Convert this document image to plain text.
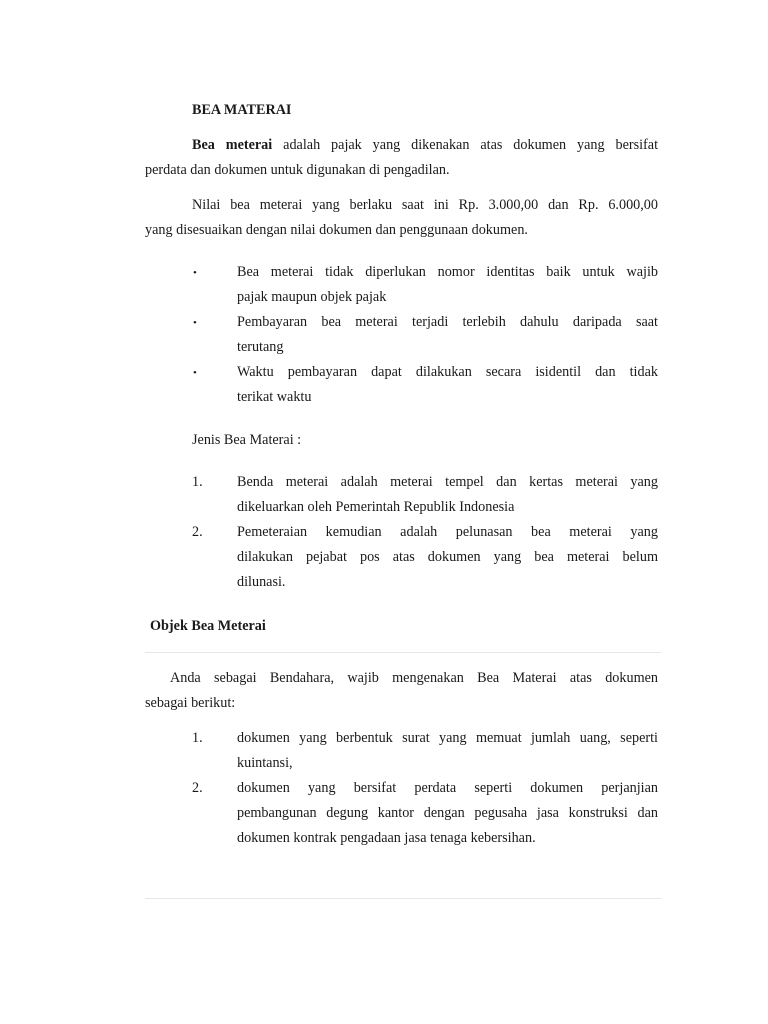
BEA MATERAI
Bea meterai adalah pajak yang dikenakan atas dokumen yang bersifat
perdata dan dokumen untuk digunakan di pengadilan.
Nilai bea meterai yang berlaku saat ini Rp. 3.000,00 dan Rp. 6.000,00
yang disesuaikan dengan nilai dokumen dan penggunaan dokumen.
•	Bea meterai tidak diperlukan nomor identitas baik untuk wajib
pajak maupun objek pajak
•	Pembayaran bea meterai terjadi terlebih dahulu daripada saat
terutang
•	Waktu pembayaran dapat dilakukan secara isidentil dan tidak
terikat waktu
Jenis Bea Materai :
1. Benda meterai adalah meterai tempel dan kertas meterai yang
dikeluarkan oleh Pemerintah Republik Indonesia
2. Pemeteraian kemudian adalah pelunasan bea meterai yang
dilakukan pejabat pos atas dokumen yang bea meterai belum
dilunasi.
Objek Bea Meterai
Anda sebagai Bendahara, wajib mengenakan Bea Materai atas dokumen
sebagai berikut:
1. dokumen yang berbentuk surat yang memuat jumlah uang, seperti
kuintansi,
2. dokumen yang bersifat perdata seperti dokumen perjanjian
pembangunan degung kantor dengan pegusaha jasa konstruksi dan
dokumen kontrak pengadaan jasa tenaga kebersihan.
